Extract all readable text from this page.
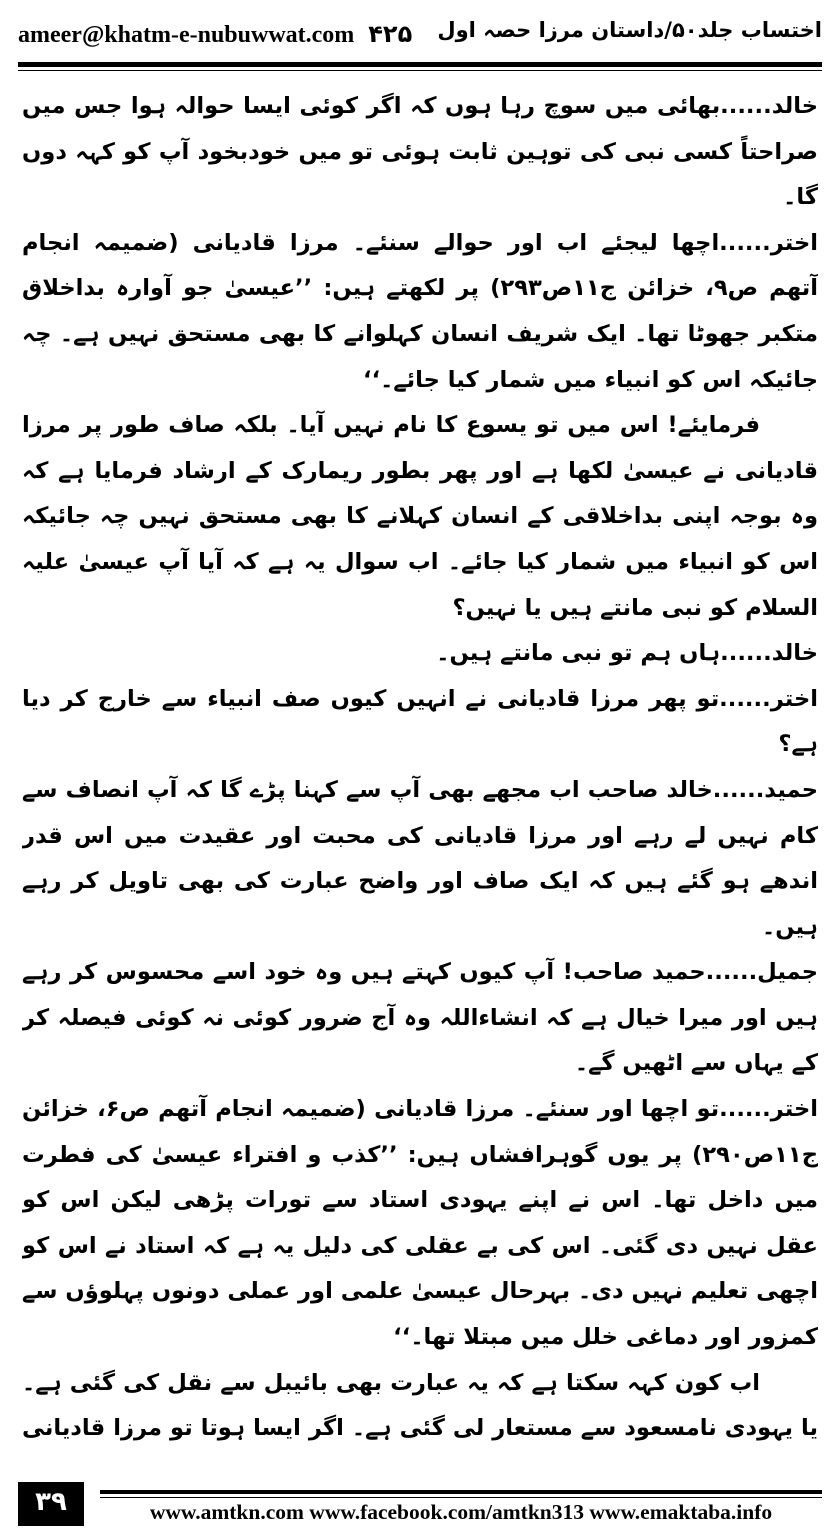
ameer@khatm-e-nubuwwat.com ۴۲۵ اختساب جلد۵۰/داستان مرزا حصہ اول

خالد......بھائی میں سوچ رہا ہوں کہ اگر کوئی ایسا حوالہ ہوا جس میں صراحتاً کسی نبی کی توہین ثابت ہوئی تو میں خودبخود آپ کو کہہ دوں گا۔

اختر......اچھا لیجئے اب اور حوالے سنئے۔ مرزا قادیانی (ضمیمہ انجام آتھم ص۹، خزائن ج۱۱ص۲۹۳) پر لکھتے ہیں: ’’عیسیٰ جو آوارہ بداخلاق متکبر جھوٹا تھا۔ ایک شریف انسان کہلوانے کا بھی مستحق نہیں ہے۔ چہ جائیکہ اس کو انبیاء میں شمار کیا جائے۔‘‘

فرمایئے! اس میں تو یسوع کا نام نہیں آیا۔ بلکہ صاف طور پر مرزا قادیانی نے عیسیٰ لکھا ہے اور پھر بطور ریمارک کے ارشاد فرمایا ہے کہ وہ بوجہ اپنی بداخلاقی کے انسان کہلانے کا بھی مستحق نہیں چہ جائیکہ اس کو انبیاء میں شمار کیا جائے۔ اب سوال یہ ہے کہ آیا آپ عیسیٰ علیہ السلام کو نبی مانتے ہیں یا نہیں؟

خالد......ہاں ہم تو نبی مانتے ہیں۔

اختر......تو پھر مرزا قادیانی نے انہیں کیوں صف انبیاء سے خارج کر دیا ہے؟

حمید......خالد صاحب اب مجھے بھی آپ سے کہنا پڑے گا کہ آپ انصاف سے کام نہیں لے رہے اور مرزا قادیانی کی محبت اور عقیدت میں اس قدر اندھے ہو گئے ہیں کہ ایک صاف اور واضح عبارت کی بھی تاویل کر رہے ہیں۔

جمیل......حمید صاحب! آپ کیوں کہتے ہیں وہ خود اسے محسوس کر رہے ہیں اور میرا خیال ہے کہ انشاءاللہ وہ آج ضرور کوئی نہ کوئی فیصلہ کر کے یہاں سے اٹھیں گے۔

اختر......تو اچھا اور سنئے۔ مرزا قادیانی (ضمیمہ انجام آتھم ص۶، خزائن ج۱۱ص۲۹۰) پر یوں گوہرافشاں ہیں: ’’کذب و افتراء عیسیٰ کی فطرت میں داخل تھا۔ اس نے اپنے یہودی استاد سے تورات پڑھی لیکن اس کو عقل نہیں دی گئی۔ اس کی بے عقلی کی دلیل یہ ہے کہ استاد نے اس کو اچھی تعلیم نہیں دی۔ بہرحال عیسیٰ علمی اور عملی دونوں پہلوؤں سے کمزور اور دماغی خلل میں مبتلا تھا۔‘‘

اب کون کہہ سکتا ہے کہ یہ عبارت بھی بائیبل سے نقل کی گئی ہے۔ یا یہودی نامسعود سے مستعار لی گئی ہے۔ اگر ایسا ہوتا تو مرزا قادیانی

۳۹	www.amtkn.com www.facebook.com/amtkn313 www.emaktaba.info
